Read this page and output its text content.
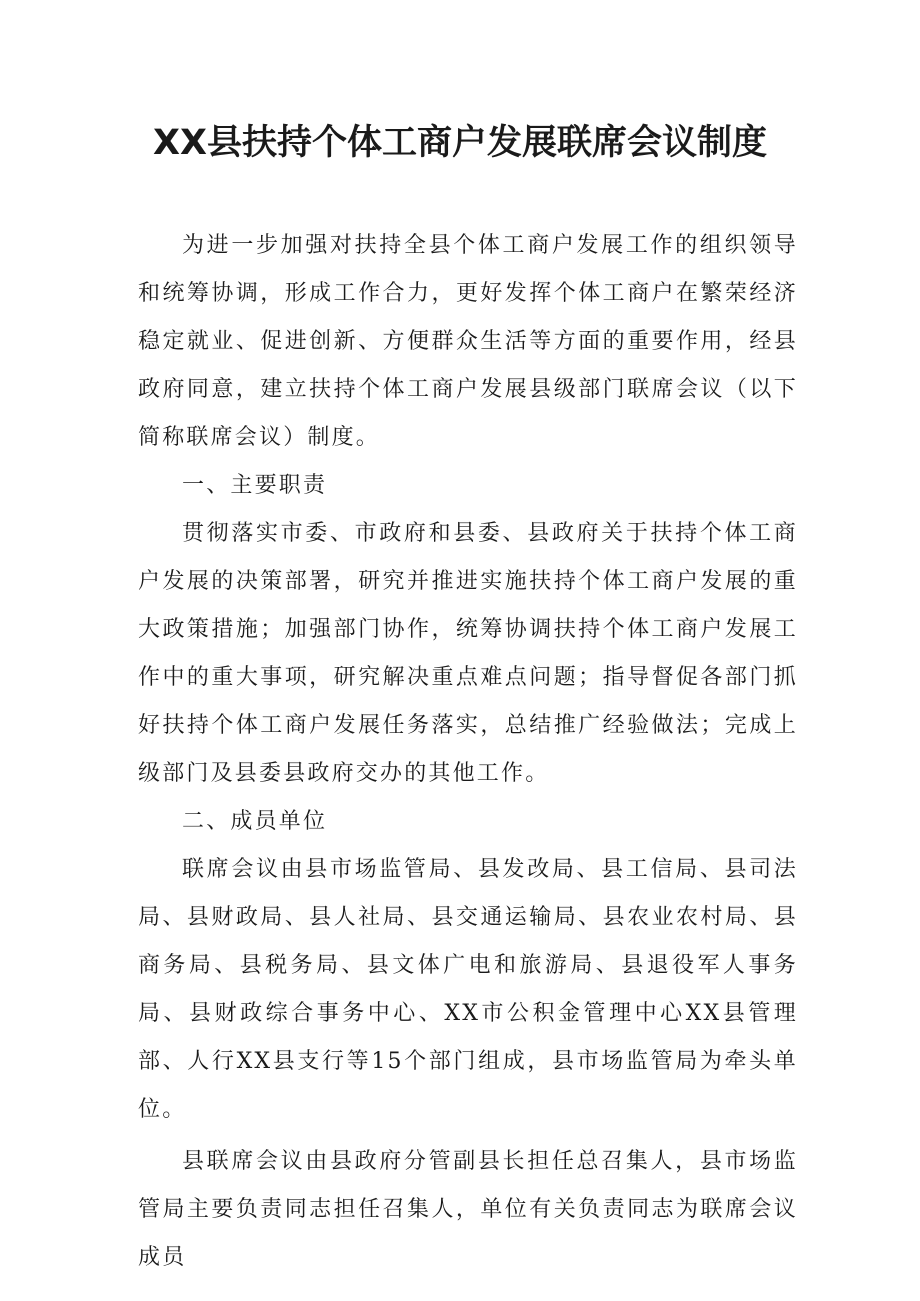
XX县扶持个体工商户发展联席会议制度

为进一步加强对扶持全县个体工商户发展工作的组织领导和统筹协调，形成工作合力，更好发挥个体工商户在繁荣经济稳定就业、促进创新、方便群众生活等方面的重要作用，经县政府同意，建立扶持个体工商户发展县级部门联席会议（以下简称联席会议）制度。

一、主要职责

贯彻落实市委、市政府和县委、县政府关于扶持个体工商户发展的决策部署，研究并推进实施扶持个体工商户发展的重大政策措施；加强部门协作，统筹协调扶持个体工商户发展工作中的重大事项，研究解决重点难点问题；指导督促各部门抓好扶持个体工商户发展任务落实，总结推广经验做法；完成上级部门及县委县政府交办的其他工作。

二、成员单位

联席会议由县市场监管局、县发改局、县工信局、县司法局、县财政局、县人社局、县交通运输局、县农业农村局、县商务局、县税务局、县文体广电和旅游局、县退役军人事务局、县财政综合事务中心、XX市公积金管理中心XX县管理部、人行XX县支行等15个部门组成，县市场监管局为牵头单位。

县联席会议由县政府分管副县长担任总召集人，县市场监管局主要负责同志担任召集人，单位有关负责同志为联席会议成员
